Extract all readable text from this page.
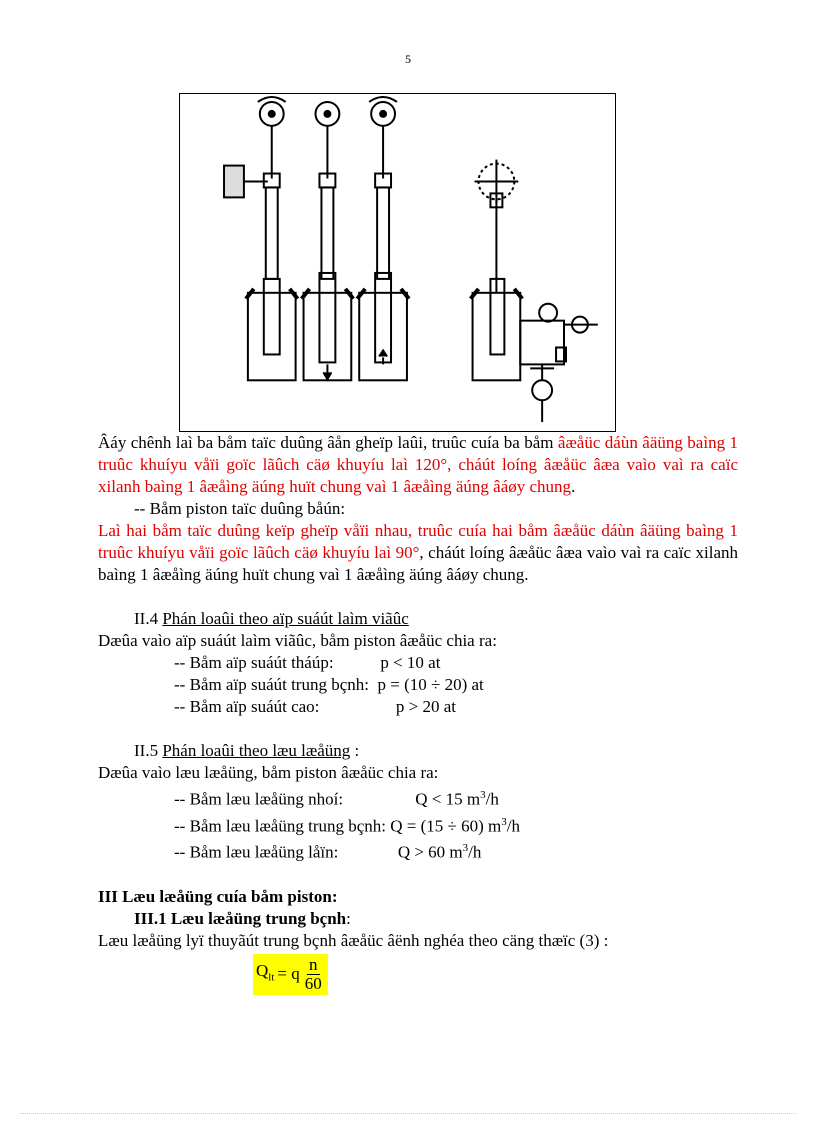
5

Âáy chênh laì ba båm taïc duûng âån gheïp laûi, truûc cuía ba båm âæåüc dáùn âäüng baìng 1 truûc khuíyu våïi goïc lãûch cäø khuyíu laì 120°, cháút loíng âæåüc âæa vaìo vaì ra caïc xilanh baìng 1 âæåìng äúng huït chung vaì 1 âæåìng äúng âáøy chung.

-- Båm piston taïc duûng båún:

Laì hai båm taïc duûng keïp gheïp våïi nhau, truûc cuía hai båm âæåüc dáùn âäüng baìng 1 truûc khuíyu våïi goïc lãûch cäø khuyíu laì 90°, cháút loíng âæåüc âæa vaìo vaì ra caïc xilanh baìng 1 âæåìng äúng huït chung vaì 1 âæåìng äúng âáøy chung.

II.4 Phán loaûi theo aïp suáút laìm viãûc
Dæûa vaìo aïp suáút laìm viãûc, båm piston âæåüc chia ra:
-- Båm aïp suáút tháúp:           p < 10 at
-- Båm aïp suáút trung bçnh:  p = (10 ÷ 20) at
-- Båm aïp suáút cao:                  p > 20 at
II.5 Phán loaûi theo læu læåüng :
Dæûa vaìo læu læåüng, båm piston âæåüc chia ra:
-- Båm læu læåüng nhoí:                 Q < 15 $m^3/h$
-- Båm læu læåüng trung bçnh: Q = (15 ÷ 60) $m^3/h$
-- Båm læu læåüng låïn:              Q > 60 $m^3/h$
III Læu læåüng cuía båm piston:
III.1 Læu læåüng trung bçnh:
Læu læåüng lyï thuyãút trung bçnh âæåüc âënh nghéa theo cäng thæïc (3) :
$Q_{lt} = q \frac{n}{60}$
